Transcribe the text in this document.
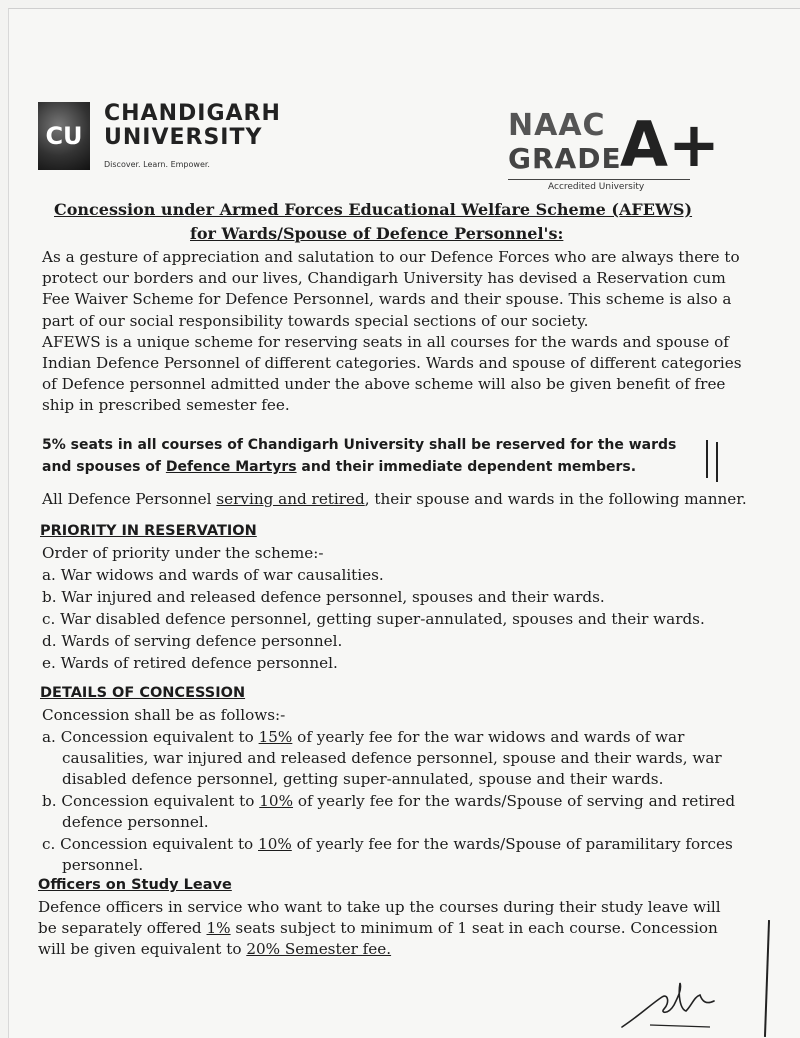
CU
CHANDIGARH
UNIVERSITY
Discover. Learn. Empower.
NAAC
GRADE
A+
Accredited University
Concession under Armed Forces Educational Welfare Scheme (AFEWS)
for Wards/Spouse of Defence Personnel's:
As a gesture of appreciation and salutation to our Defence Forces who are always there to
protect our borders and our lives, Chandigarh University has devised a Reservation cum
Fee Waiver Scheme for Defence Personnel, wards and their spouse. This scheme is also a
part of our social responsibility towards special sections of our society.
AFEWS is a unique scheme for reserving seats in all courses for the wards and spouse of
Indian Defence Personnel of different categories. Wards and spouse of different categories
of Defence personnel admitted under the above scheme will also be given benefit of free
ship in prescribed semester fee.
5% seats in all courses of Chandigarh University shall be reserved for the wards
and spouses of Defence Martyrs and their immediate dependent members.
All Defence Personnel serving and retired, their spouse and wards in the following manner.
PRIORITY IN RESERVATION
Order of priority under the scheme:-
a. War widows and wards of war causalities.
b. War injured and released defence personnel, spouses and their wards.
c. War disabled defence personnel, getting super-annulated, spouses and their wards.
d. Wards of serving defence personnel.
e. Wards of retired defence personnel.
DETAILS OF CONCESSION
Concession shall be as follows:-
a. Concession equivalent to 15% of yearly fee for the war widows and wards of war
causalities, war injured and released defence personnel, spouse and their wards, war
disabled defence personnel, getting super-annulated, spouse and their wards.
b. Concession equivalent to 10% of yearly fee for the wards/Spouse of serving and retired
defence personnel.
c. Concession equivalent to 10% of yearly fee for the wards/Spouse of paramilitary forces
personnel.
Officers on Study Leave
Defence officers in service who want to take up the courses during their study leave will
be separately offered 1% seats subject to minimum of 1 seat in each course. Concession
will be given equivalent to 20% Semester fee.
